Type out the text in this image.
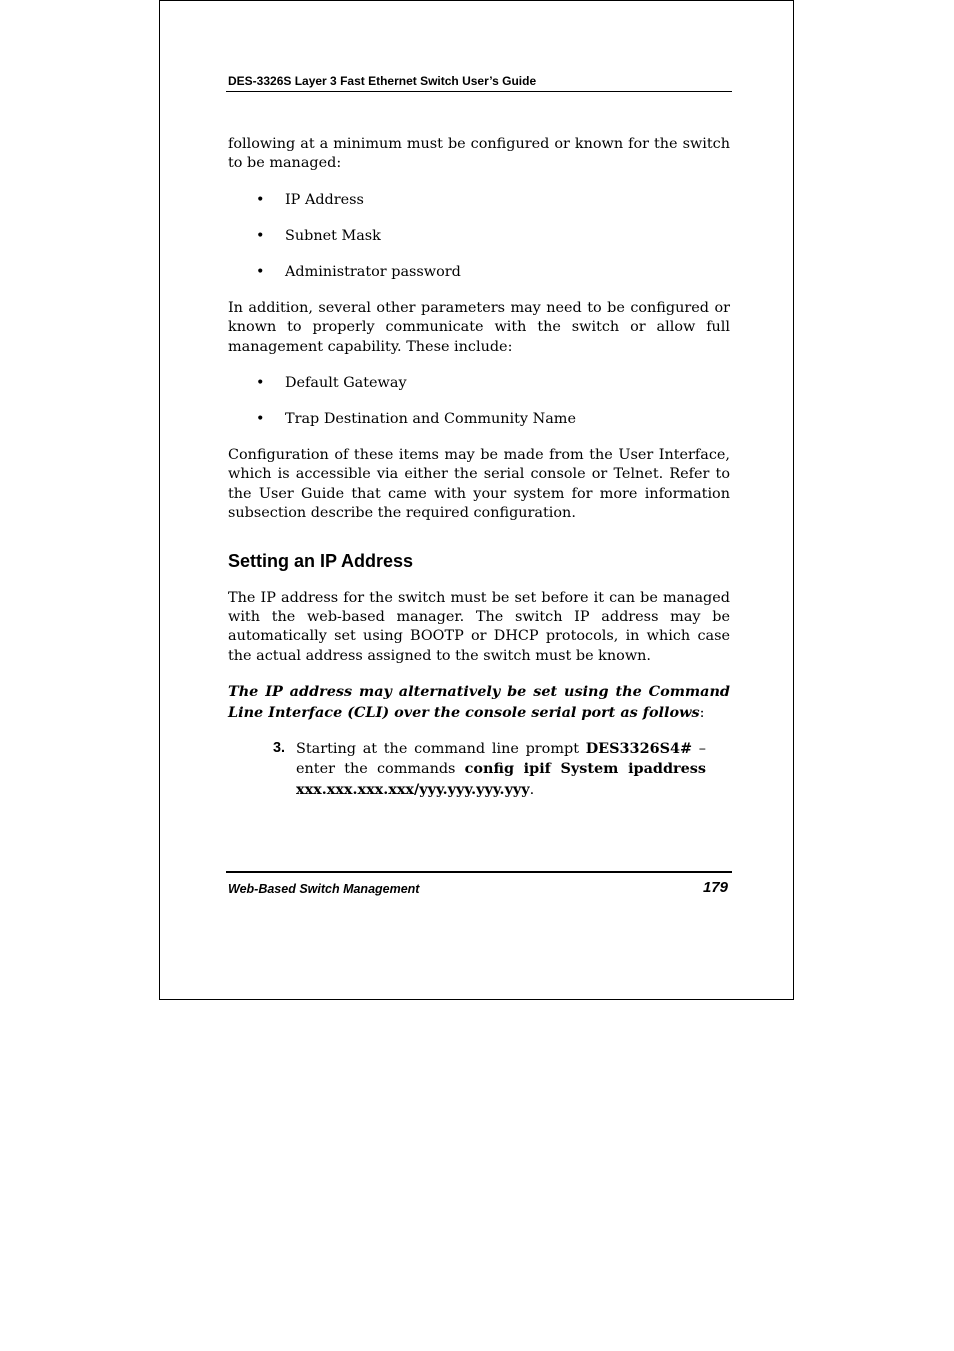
DES-3326S Layer 3 Fast Ethernet Switch User’s Guide

following at a minimum must be configured or known for the switch to be managed:

• IP Address
• Subnet Mask
• Administrator password

In addition, several other parameters may need to be configured or known to properly communicate with the switch or allow full management capability. These include:

• Default Gateway
• Trap Destination and Community Name

Configuration of these items may be made from the User Interface, which is accessible via either the serial console or Telnet. Refer to the User Guide that came with your system for more information subsection describe the required configuration.

Setting an IP Address

The IP address for the switch must be set before it can be managed with the web-based manager. The switch IP address may be automatically set using BOOTP or DHCP protocols, in which case the actual address assigned to the switch must be known.

The IP address may alternatively be set using the Command Line Interface (CLI) over the console serial port as follows:

3. Starting at the command line prompt DES3326S4# – enter the commands config ipif System ipaddress xxx.xxx.xxx.xxx/yyy.yyy.yyy.yyy.
Web-Based Switch Management	179
